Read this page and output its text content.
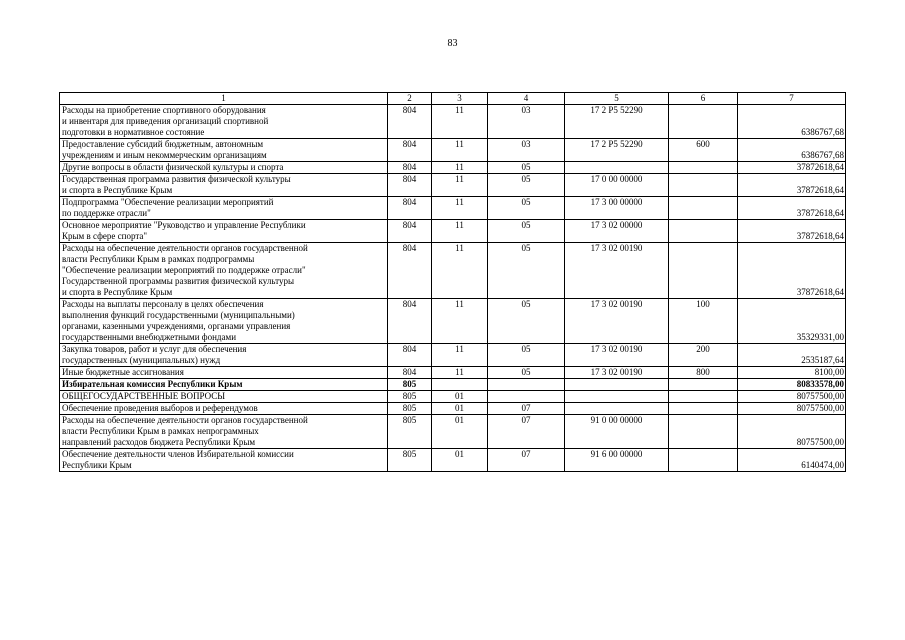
83
1	2	3	4	5	6	7
Расходы на приобретение спортивного оборудования
и инвентаря для приведения организаций спортивной
подготовки в нормативное состояние	804	11	03	17 2 P5 52290		6386767,68
Предоставление субсидий бюджетным, автономным
учреждениям и иным некоммерческим организациям	804	11	03	17 2 P5 52290	600	6386767,68
Другие вопросы в области физической культуры и спорта	804	11	05			37872618,64
Государственная программа развития физической культуры
и спорта в Республике Крым	804	11	05	17 0 00 00000		37872618,64
Подпрограмма "Обеспечение реализации мероприятий
по поддержке отрасли"	804	11	05	17 3 00 00000		37872618,64
Основное мероприятие "Руководство и управление Республики
Крым в сфере спорта"	804	11	05	17 3 02 00000		37872618,64
Расходы на обеспечение деятельности органов государственной
власти Республики Крым в рамках подпрограммы
"Обеспечение реализации мероприятий по поддержке отрасли"
Государственной программы развития физической культуры
и спорта в Республике Крым	804	11	05	17 3 02 00190		37872618,64
Расходы на выплаты персоналу в целях обеспечения
выполнения функций государственными (муниципальными)
органами, казенными учреждениями, органами управления
государственными внебюджетными фондами	804	11	05	17 3 02 00190	100	35329331,00
Закупка товаров, работ и услуг для обеспечения
государственных (муниципальных) нужд	804	11	05	17 3 02 00190	200	2535187,64
Иные бюджетные ассигнования	804	11	05	17 3 02 00190	800	8100,00
Избирательная комиссия Республики Крым	805					80833578,00
ОБЩЕГОСУДАРСТВЕННЫЕ ВОПРОСЫ	805	01				80757500,00
Обеспечение проведения выборов и референдумов	805	01	07			80757500,00
Расходы на обеспечение деятельности органов государственной
власти Республики Крым в рамках непрограммных
направлений расходов бюджета Республики Крым	805	01	07	91 0 00 00000		80757500,00
Обеспечение деятельности членов Избирательной комиссии
Республики Крым	805	01	07	91 6 00 00000		6140474,00
